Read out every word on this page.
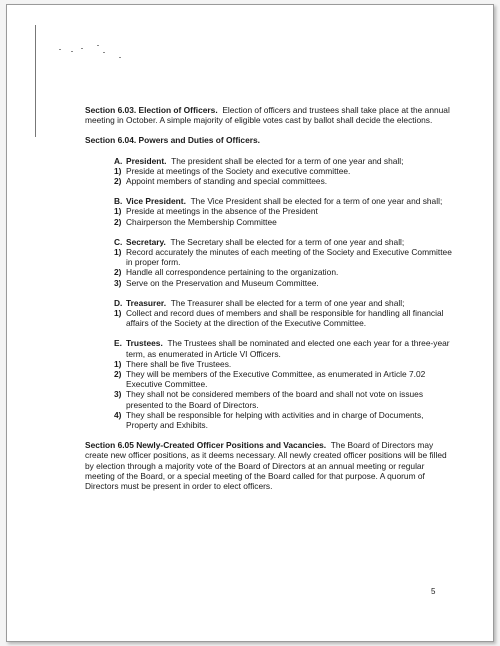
Section 6.03. Election of Officers. Election of officers and trustees shall take place at the annual meeting in October. A simple majority of eligible votes cast by ballot shall decide the elections.

Section 6.04. Powers and Duties of Officers.

A. President. The president shall be elected for a term of one year and shall;

1) Preside at meetings of the Society and executive committee.

2) Appoint members of standing and special committees.

B. Vice President. The Vice President shall be elected for a term of one year and shall;

1) Preside at meetings in the absence of the President

2) Chairperson the Membership Committee

C. Secretary. The Secretary shall be elected for a term of one year and shall;

1) Record accurately the minutes of each meeting of the Society and Executive Committee in proper form.

2) Handle all correspondence pertaining to the organization.

3) Serve on the Preservation and Museum Committee.

D. Treasurer. The Treasurer shall be elected for a term of one year and shall;

1) Collect and record dues of members and shall be responsible for handling all financial affairs of the Society at the direction of the Executive Committee.

E. Trustees. The Trustees shall be nominated and elected one each year for a three-year term, as enumerated in Article VI Officers.

1) There shall be five Trustees.

2) They will be members of the Executive Committee, as enumerated in Article 7.02 Executive Committee.

3) They shall not be considered members of the board and shall not vote on issues presented to the Board of Directors.

4) They shall be responsible for helping with activities and in charge of Documents, Property and Exhibits.

Section 6.05 Newly-Created Officer Positions and Vacancies. The Board of Directors may create new officer positions, as it deems necessary. All newly created officer positions will be filled by election through a majority vote of the Board of Directors at an annual meeting or regular meeting of the Board, or a special meeting of the Board called for that purpose. A quorum of Directors must be present in order to elect officers.

5
